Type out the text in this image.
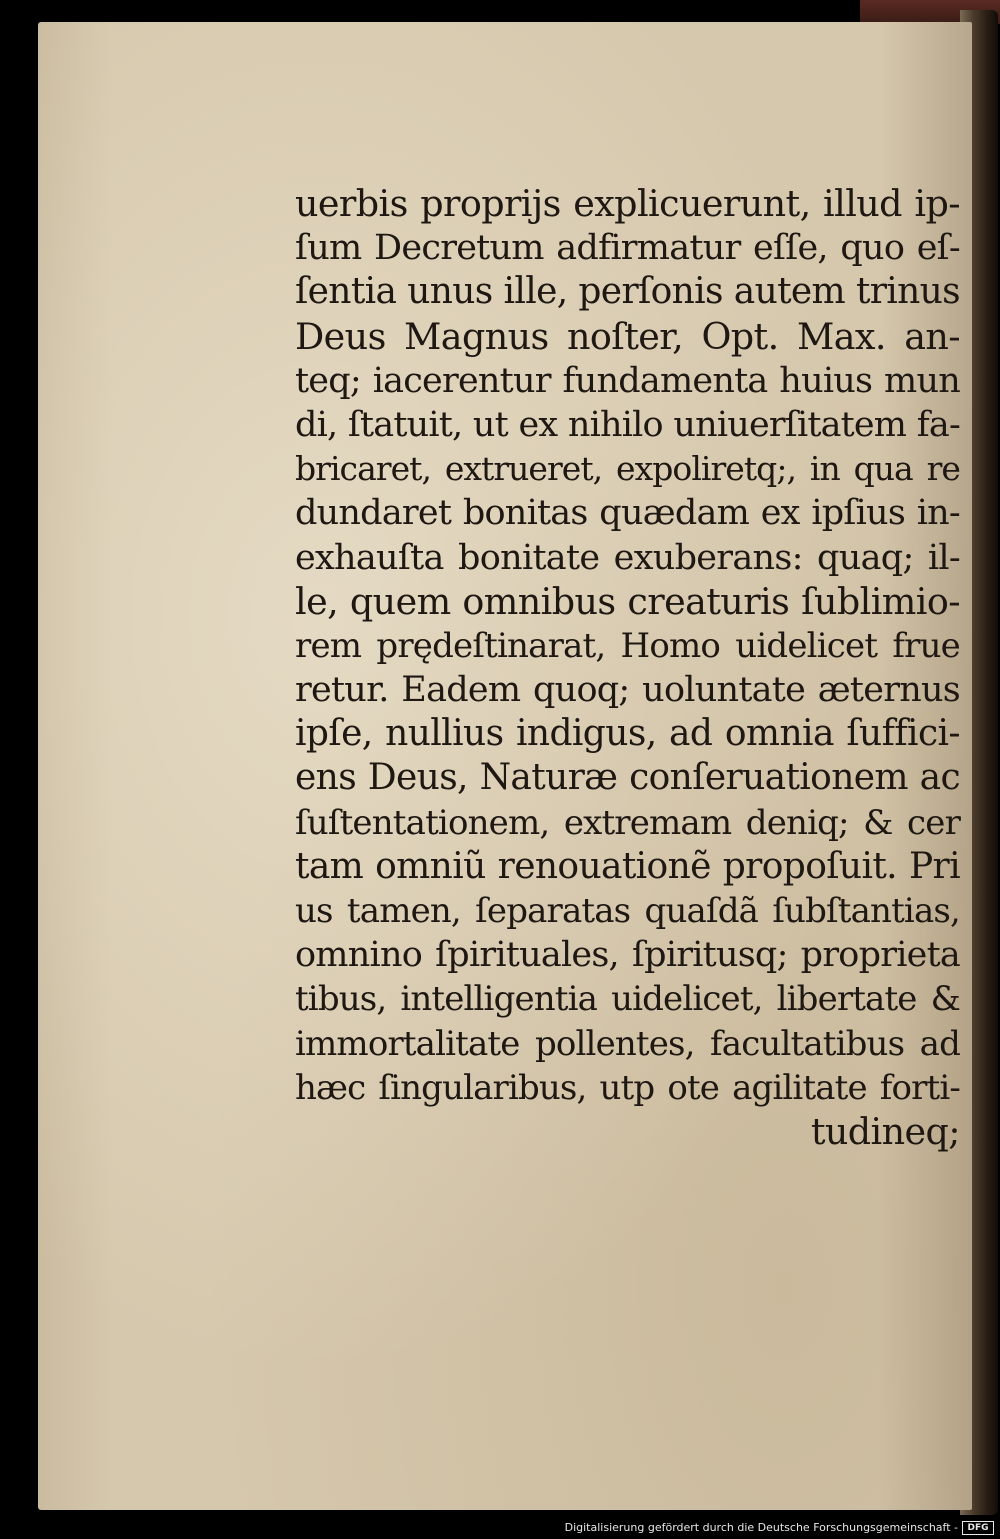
uerbis proprijs explicuerunt, illud ip-
ſum Decretum adfirmatur eſſe, quo eſ-
ſentia unus ille, perſonis autem trinus
Deus Magnus noſter, Opt. Max. an-
teq; iacerentur fundamenta huius mun
di, ſtatuit, ut ex nihilo uniuerſitatem fa-
bricaret, extrueret, expoliretq;, in qua re
dundaret bonitas quædam ex ipſius in-
exhauſta bonitate exuberans: quaq; il-
le, quem omnibus creaturis ſublimio-
rem prędeſtinarat, Homo uidelicet frue
retur. Eadem quoq; uoluntate æternus
ipſe, nullius indigus, ad omnia ſuffici-
ens Deus, Naturæ conſeruationem ac
ſuſtentationem, extremam deniq; & cer
tam omniũ renouationẽ propoſuit. Pri
us tamen, ſeparatas quaſdã ſubſtantias,
omnino ſpirituales, ſpiritusq; proprieta
tibus, intelligentia uidelicet, libertate &
immortalitate pollentes, facultatibus ad
hæc ſingularibus, utp ote agilitate forti-
tudineq;
Digitalisierung gefördert durch die Deutsche Forschungsgemeinschaft -	DFG
